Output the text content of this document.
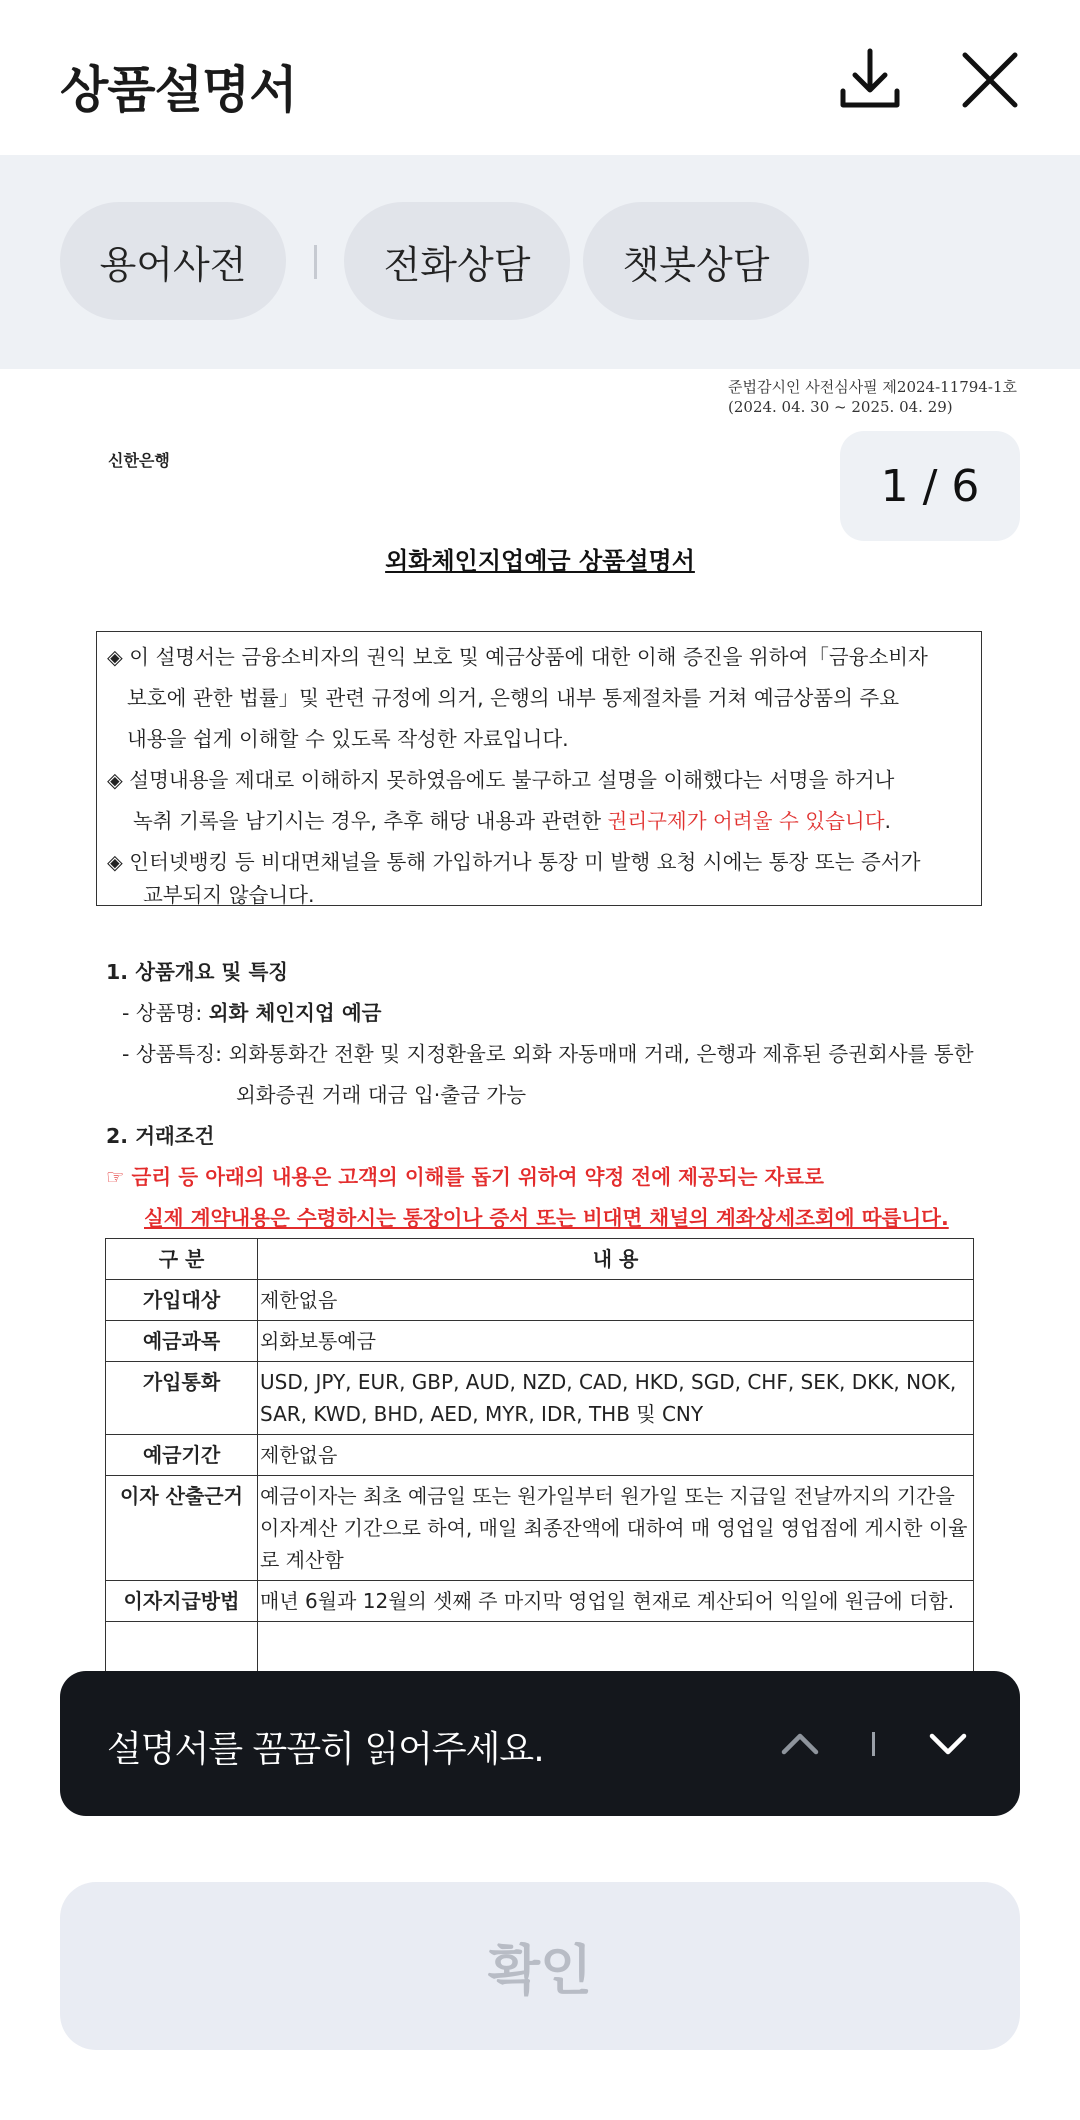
상품설명서
용어사전	전화상담	챗봇상담
준법감시인 사전심사필 제2024-11794-1호
(2024. 04. 30 ~ 2025. 04. 29)
신한은행	1 / 6
외화체인지업예금 상품설명서
◈ 이 설명서는 금융소비자의 권익 보호 및 예금상품에 대한 이해 증진을 위하여「금융소비자
보호에 관한 법률」및 관련 규정에 의거, 은행의 내부 통제절차를 거쳐 예금상품의 주요
내용을 쉽게 이해할 수 있도록 작성한 자료입니다.
◈ 설명내용을 제대로 이해하지 못하였음에도 불구하고 설명을 이해했다는 서명을 하거나
녹취 기록을 남기시는 경우, 추후 해당 내용과 관련한 권리구제가 어려울 수 있습니다.
◈ 인터넷뱅킹 등 비대면채널을 통해 가입하거나 통장 미 발행 요청 시에는 통장 또는 증서가
교부되지 않습니다.
1. 상품개요 및 특징
- 상품명: 외화 체인지업 예금
- 상품특징: 외화통화간 전환 및 지정환율로 외화 자동매매 거래, 은행과 제휴된 증권회사를 통한
외화증권 거래 대금 입·출금 가능
2. 거래조건
☞ 금리 등 아래의 내용은 고객의 이해를 돕기 위하여 약정 전에 제공되는 자료로
실제 계약내용은 수령하시는 통장이나 증서 또는 비대면 채널의 계좌상세조회에 따릅니다.
구 분	내 용
가입대상	제한없음
예금과목	외화보통예금
가입통화	USD, JPY, EUR, GBP, AUD, NZD, CAD, HKD, SGD, CHF, SEK, DKK, NOK, SAR, KWD, BHD, AED, MYR, IDR, THB 및 CNY
예금기간	제한없음
이자 산출근거	예금이자는 최초 예금일 또는 원가일부터 원가일 또는 지급일 전날까지의 기간을 이자계산 기간으로 하여, 매일 최종잔액에 대하여 매 영업일 영업점에 게시한 이율로 계산함
이자지급방법	매년 6월과 12월의 셋째 주 마지막 영업일 현재로 계산되어 익일에 원금에 더함.

설명서를 꼼꼼히 읽어주세요.
확인
